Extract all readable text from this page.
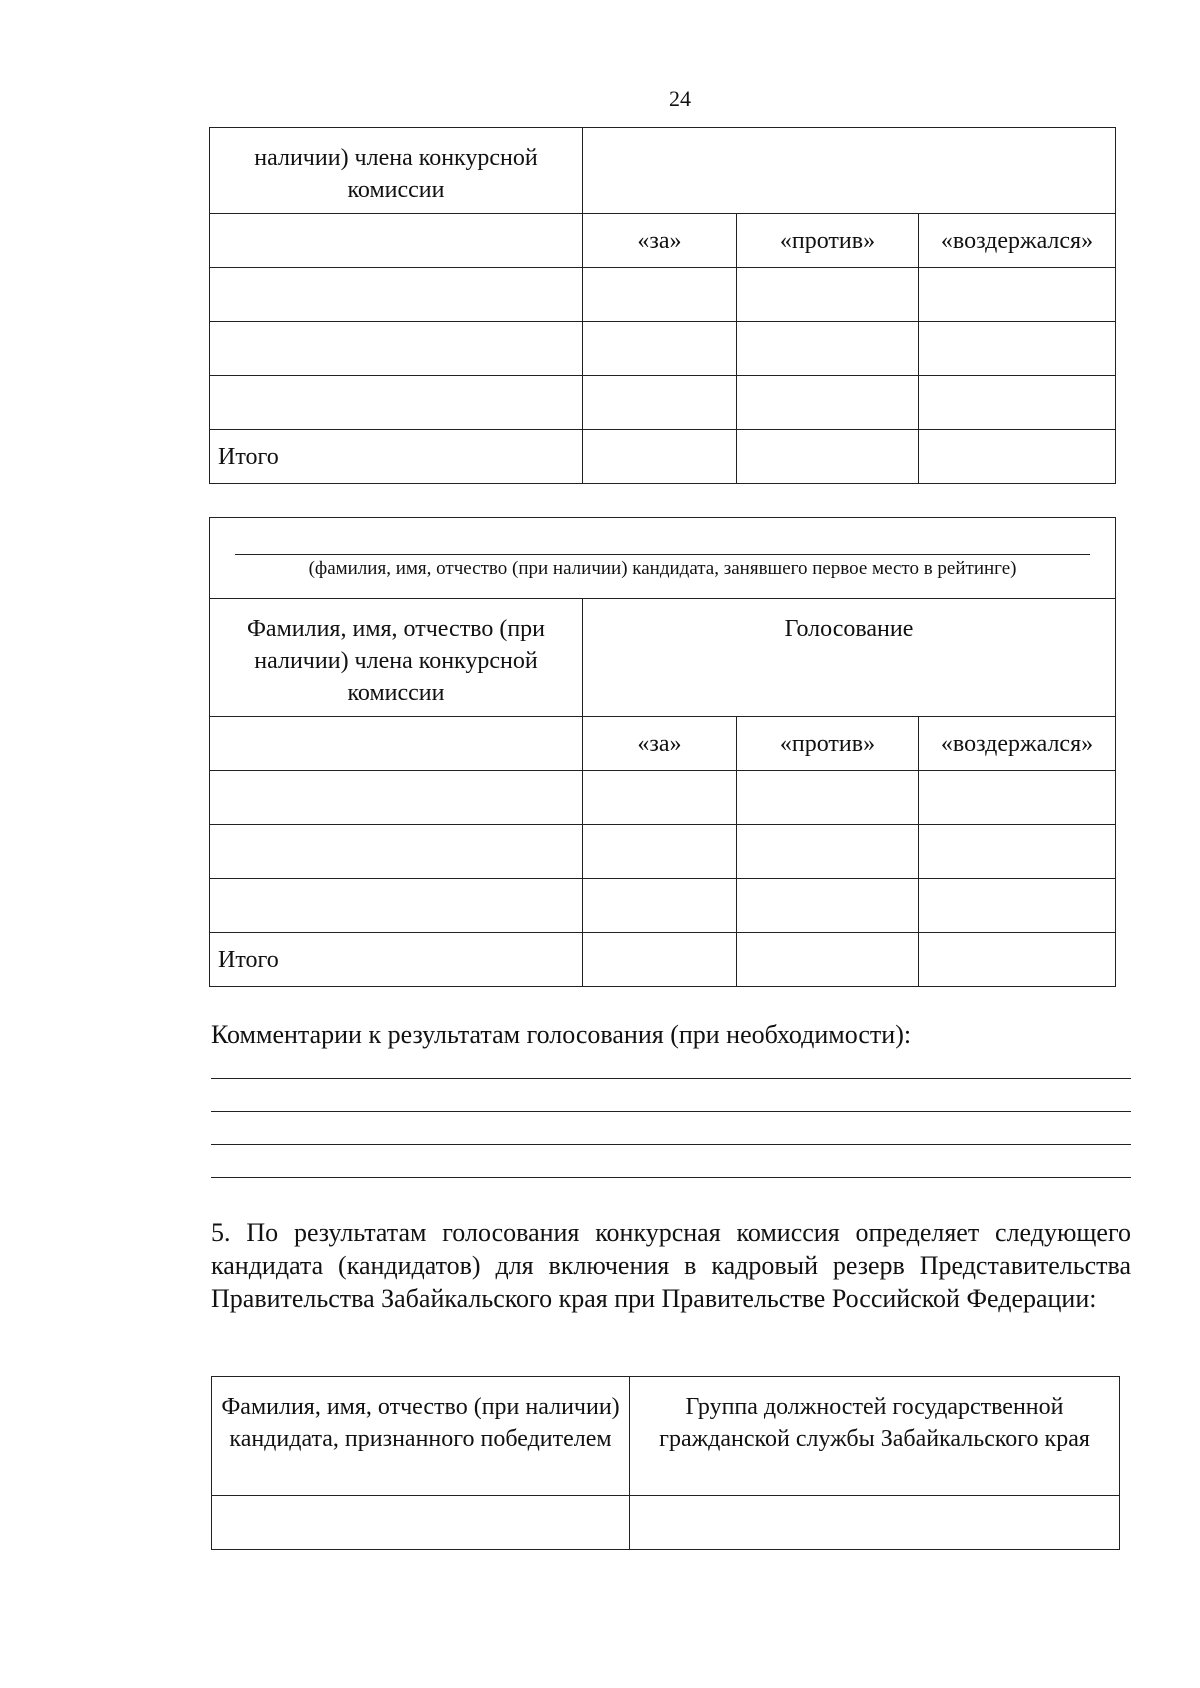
24
наличии) члена конкурсной комиссии			
	«за»	«против»	«воздержался»

Итого			
(фамилия, имя, отчество (при наличии) кандидата, занявшего первое место в рейтинге)			

Фамилия, имя, отчество (при наличии) члена конкурсной комиссии	Голосование		
	«за»	«против»	«воздержался»

Итого			
Комментарии к результатам голосования (при необходимости):
5. По результатам голосования конкурсная комиссия определяет следующего кандидата (кандидатов) для включения в кадровый резерв Представительства Правительства Забайкальского края при Правительстве Российской Федерации:
Фамилия, имя, отчество (при наличии) кандидата, признанного победителем	Группа должностей государственной гражданской службы Забайкальского края
